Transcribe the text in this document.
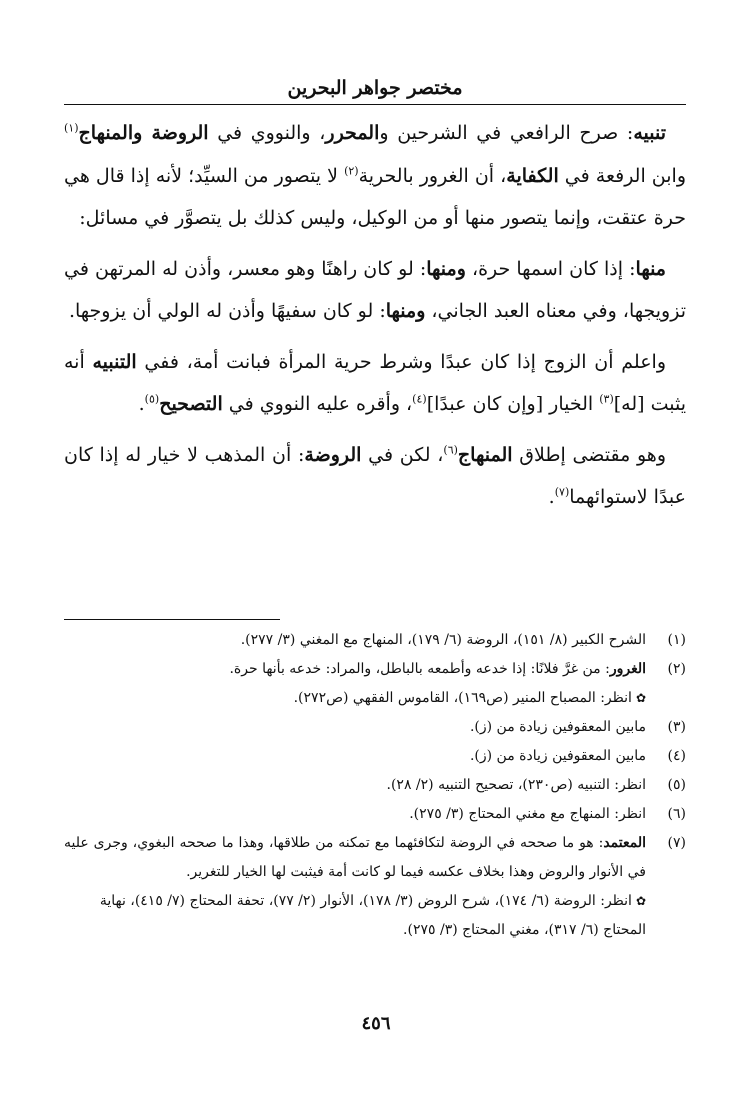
مختصر جواهر البحرين

تنبيه: صرح الرافعي في الشرحين والمحرر، والنووي في الروضة والمنهاج$^{(١)}$ وابن الرفعة في الكفاية، أن الغرور بالحرية$^{(٢)}$ لا يتصور من السيِّد؛ لأنه إذا قال هي حرة عتقت، وإنما يتصور منها أو من الوكيل، وليس كذلك بل يتصوَّر في مسائل:

منها: إذا كان اسمها حرة، ومنها: لو كان راهنًا وهو معسر، وأذن له المرتهن في تزويجها، وفي معناه العبد الجاني، ومنها: لو كان سفيهًا وأذن له الولي أن يزوجها.

واعلم أن الزوج إذا كان عبدًا وشرط حرية المرأة فبانت أمة، ففي التنبيه أنه يثبت [له]$^{(٣)}$ الخيار [وإن كان عبدًا]$^{(٤)}$، وأقره عليه النووي في التصحيح$^{(٥)}$.

وهو مقتضى إطلاق المنهاج$^{(٦)}$، لكن في الروضة: أن المذهب لا خيار له إذا كان عبدًا لاستوائهما$^{(٧)}$.

(١)
الشرح الكبير (٨/ ١٥١)، الروضة (٦/ ١٧٩)، المنهاج مع المغني (٣/ ٢٧٧).
(٢)
الغرور: من غرَّ فلانًا: إذا خدعه وأطمعه بالباطل، والمراد: خدعه بأنها حرة.
✿انظر: المصباح المنير (ص١٦٩)، القاموس الفقهي (ص٢٧٢).
(٣)
مابين المعقوفين زيادة من (ز).
(٤)
مابين المعقوفين زيادة من (ز).
(٥)
انظر: التنبيه (ص٢٣٠)، تصحيح التنبيه (٢/ ٢٨).
(٦)
انظر: المنهاج مع مغني المحتاج (٣/ ٢٧٥).
(٧)
المعتمد: هو ما صححه في الروضة لتكافئهما مع تمكنه من طلاقها، وهذا ما صححه البغوي، وجرى عليه في الأنوار والروض وهذا بخلاف عكسه فيما لو كانت أمة فيثبت لها الخيار للتغرير.
✿انظر: الروضة (٦/ ١٧٤)، شرح الروض (٣/ ١٧٨)، الأنوار (٢/ ٧٧)، تحفة المحتاج (٧/ ٤١٥)، نهاية المحتاج (٦/ ٣١٧)، مغني المحتاج (٣/ ٢٧٥).
٤٥٦
